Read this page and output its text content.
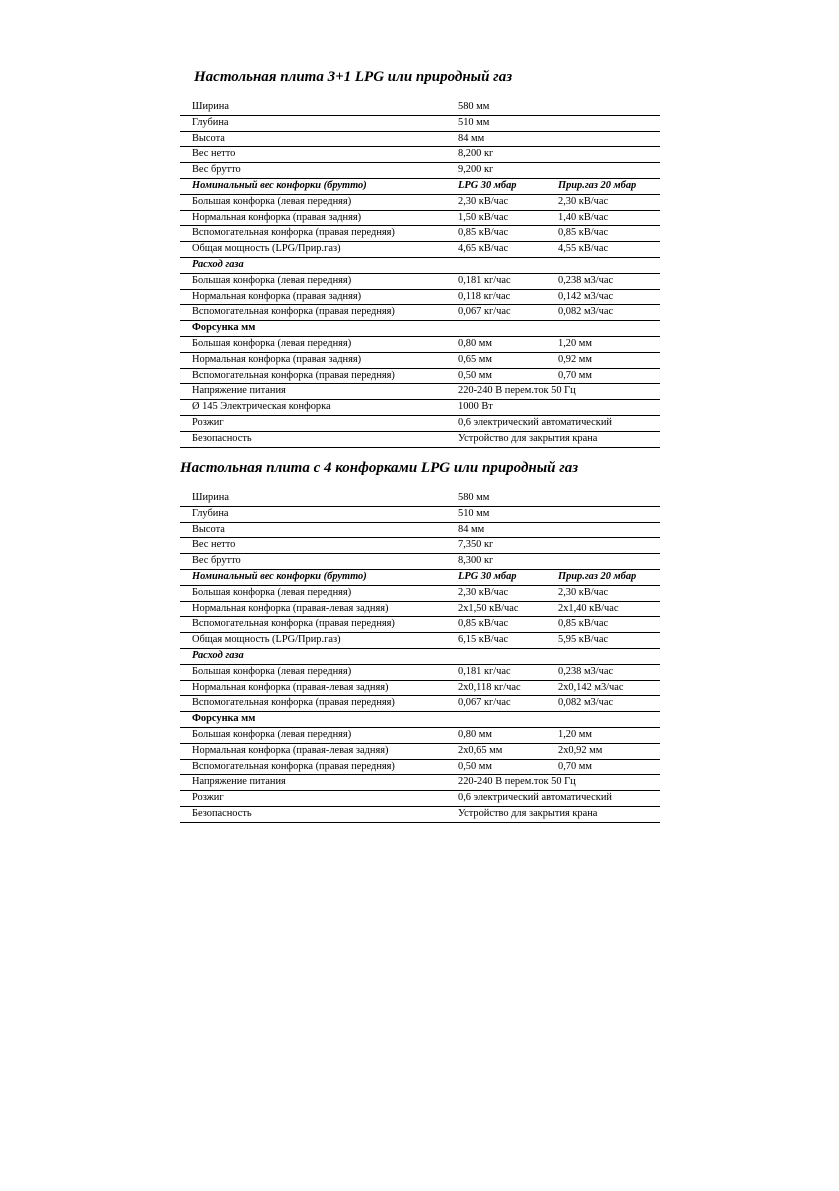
Настольная плита 3+1 LPG или природный газ
Ширина	580 мм	
Глубина	510 мм	
Высота	84 мм	
Вес нетто	8,200 кг	
Вес брутто	9,200 кг	
Номинальный вес конфорки (брутто)	LPG 30 мбар	Прир.газ 20 мбар
Большая конфорка (левая передняя)	2,30 кВ/час	2,30 кВ/час
Нормальная конфорка (правая задняя)	1,50 кВ/час	1,40 кВ/час
Вспомогательная конфорка (правая передняя)	0,85 кВ/час	0,85 кВ/час
Общая мощность (LPG/Прир.газ)	4,65 кВ/час	4,55 кВ/час
Расход газа		
Большая конфорка (левая передняя)	0,181 кг/час	0,238 м3/час
Нормальная конфорка (правая задняя)	0,118 кг/час	0,142 м3/час
Вспомогательная конфорка (правая передняя)	0,067 кг/час	0,082 м3/час
Форсунка мм		
Большая конфорка (левая передняя)	0,80 мм	1,20 мм
Нормальная конфорка (правая задняя)	0,65 мм	0,92 мм
Вспомогательная конфорка (правая передняя)	0,50 мм	0,70 мм
Напряжение питания	220-240 В перем.ток 50 Гц	
Ø 145 Электрическая конфорка	1000 Вт	
Розжиг	0,6 электрический автоматический	
Безопасность	Устройство для закрытия крана	
Настольная плита с 4 конфорками LPG или природный газ
Ширина	580 мм	
Глубина	510 мм	
Высота	84 мм	
Вес нетто	7,350 кг	
Вес брутто	8,300 кг	
Номинальный вес конфорки (брутто)	LPG 30 мбар	Прир.газ 20 мбар
Большая конфорка (левая передняя)	2,30 кВ/час	2,30 кВ/час
Нормальная конфорка (правая-левая задняя)	2x1,50 кВ/час	2x1,40 кВ/час
Вспомогательная конфорка (правая передняя)	0,85 кВ/час	0,85 кВ/час
Общая мощность (LPG/Прир.газ)	6,15 кВ/час	5,95 кВ/час
Расход газа		
Большая конфорка (левая передняя)	0,181 кг/час	0,238 м3/час
Нормальная конфорка (правая-левая задняя)	2x0,118 кг/час	2x0,142 м3/час
Вспомогательная конфорка (правая передняя)	0,067 кг/час	0,082 м3/час
Форсунка мм		
Большая конфорка (левая передняя)	0,80 мм	1,20 мм
Нормальная конфорка (правая-левая задняя)	2x0,65 мм	2x0,92 мм
Вспомогательная конфорка (правая передняя)	0,50 мм	0,70 мм
Напряжение питания	220-240 В перем.ток 50 Гц	
Розжиг	0,6 электрический автоматический	
Безопасность	Устройство для закрытия крана	
